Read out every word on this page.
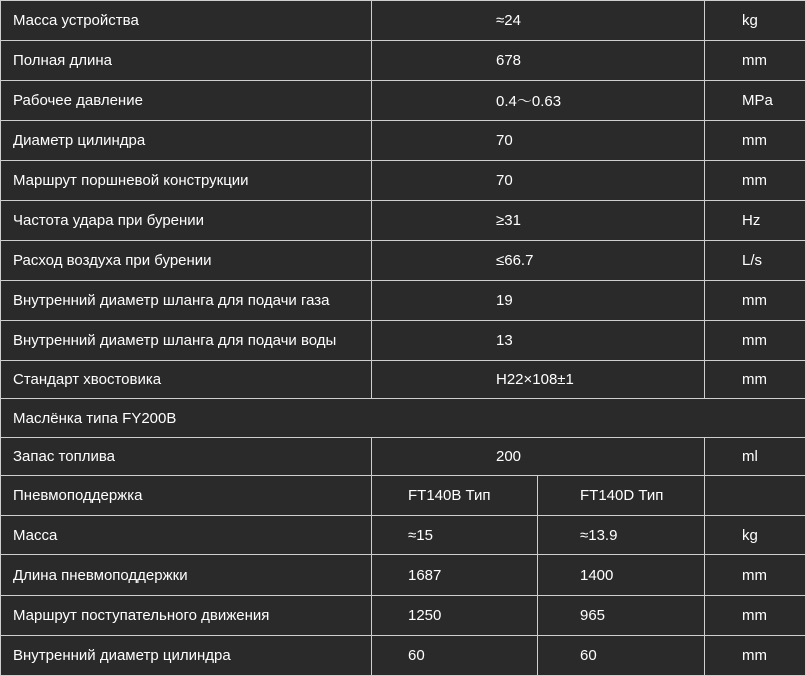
Масса устройства	≈24		kg
Полная длина	678		mm
Рабочее давление	0.4～0.63		MPa
Диаметр цилиндра	70		mm
Маршрут поршневой конструкции	70		mm
Частота удара при бурении	≥31		Hz
Расход воздуха при бурении	≤66.7		L/s
Внутренний диаметр шланга для подачи газа	19		mm
Внутренний диаметр шланга для подачи воды	13		mm
Стандарт хвостовика	H22×108±1		mm
Маслёнка типа FY200B			
Запас топлива	200		ml
Пневмоподдержка	FT140B Тип	FT140D Тип	
Масса	≈15	≈13.9	kg
Длина пневмоподдержки	1687	1400	mm
Маршрут поступательного движения	1250	965	mm
Внутренний диаметр цилиндра	60	60	mm
